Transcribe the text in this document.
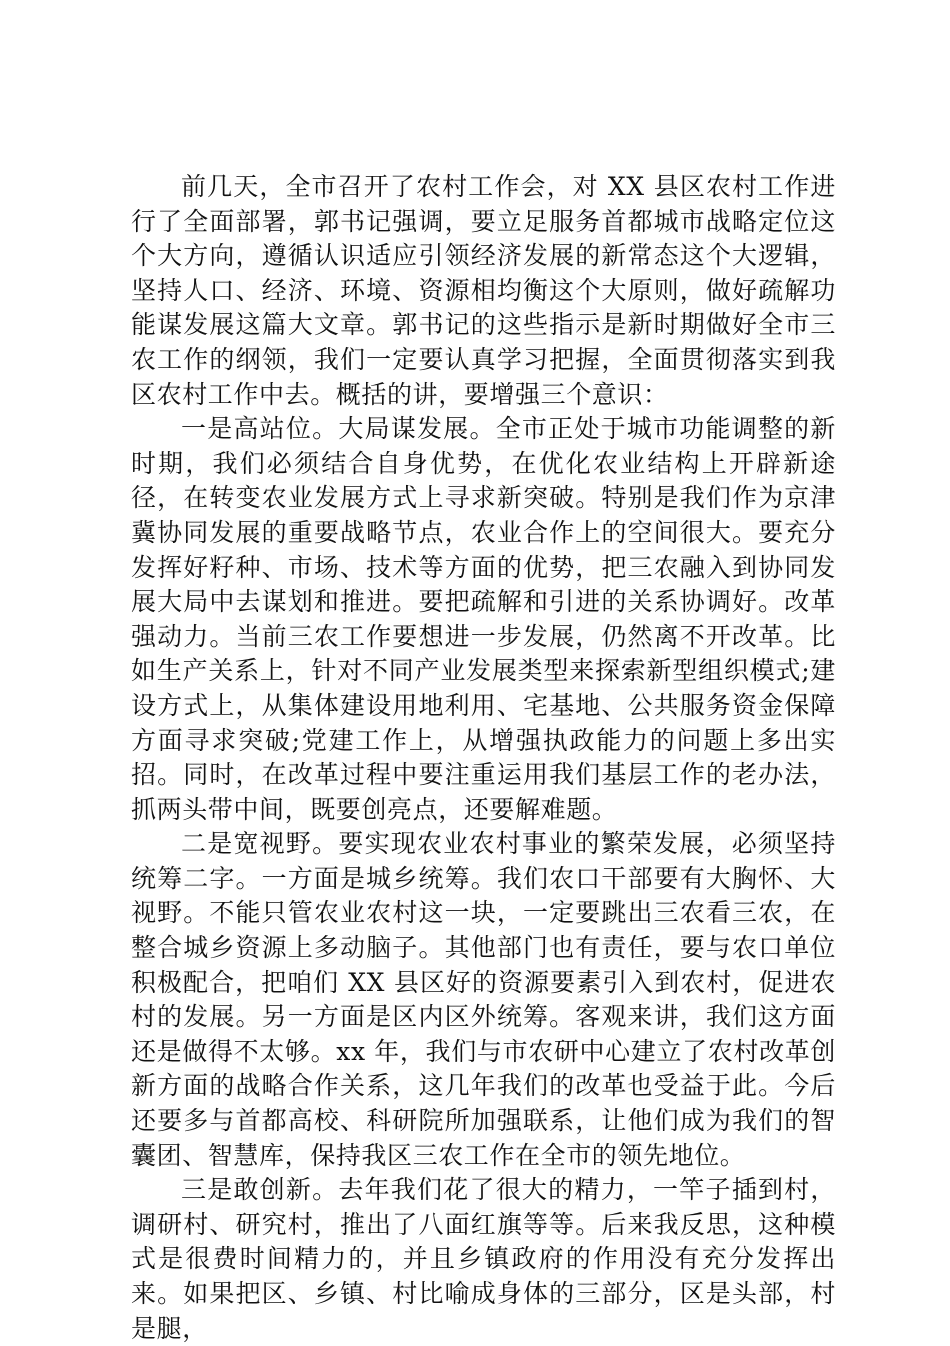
前几天，全市召开了农村工作会，对 XX 县区农村工作进行了全面部署，郭书记强调，要立足服务首都城市战略定位这个大方向，遵循认识适应引领经济发展的新常态这个大逻辑，坚持人口、经济、环境、资源相均衡这个大原则，做好疏解功能谋发展这篇大文章。郭书记的这些指示是新时期做好全市三农工作的纲领，我们一定要认真学习把握，全面贯彻落实到我区农村工作中去。概括的讲，要增强三个意识：

一是高站位。大局谋发展。全市正处于城市功能调整的新时期，我们必须结合自身优势，在优化农业结构上开辟新途径，在转变农业发展方式上寻求新突破。特别是我们作为京津冀协同发展的重要战略节点，农业合作上的空间很大。要充分发挥好籽种、市场、技术等方面的优势，把三农融入到协同发展大局中去谋划和推进。要把疏解和引进的关系协调好。改革强动力。当前三农工作要想进一步发展，仍然离不开改革。比如生产关系上，针对不同产业发展类型来探索新型组织模式;建设方式上，从集体建设用地利用、宅基地、公共服务资金保障方面寻求突破;党建工作上，从增强执政能力的问题上多出实招。同时，在改革过程中要注重运用我们基层工作的老办法，抓两头带中间，既要创亮点，还要解难题。

二是宽视野。要实现农业农村事业的繁荣发展，必须坚持统筹二字。一方面是城乡统筹。我们农口干部要有大胸怀、大视野。不能只管农业农村这一块，一定要跳出三农看三农，在整合城乡资源上多动脑子。其他部门也有责任，要与农口单位积极配合，把咱们 XX 县区好的资源要素引入到农村，促进农村的发展。另一方面是区内区外统筹。客观来讲，我们这方面还是做得不太够。xx 年，我们与市农研中心建立了农村改革创新方面的战略合作关系，这几年我们的改革也受益于此。今后还要多与首都高校、科研院所加强联系，让他们成为我们的智囊团、智慧库，保持我区三农工作在全市的领先地位。

三是敢创新。去年我们花了很大的精力，一竿子插到村，调研村、研究村，推出了八面红旗等等。后来我反思，这种模式是很费时间精力的，并且乡镇政府的作用没有充分发挥出来。如果把区、乡镇、村比喻成身体的三部分，区是头部，村是腿，
